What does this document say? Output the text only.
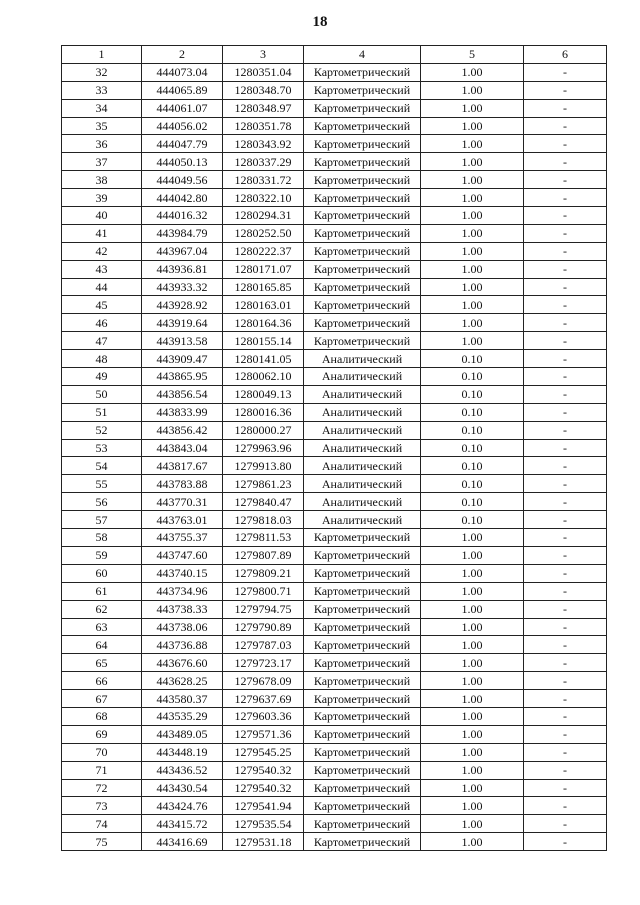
18
1	2	3	4	5	6
32	444073.04	1280351.04	Картометрический	1.00	-
33	444065.89	1280348.70	Картометрический	1.00	-
34	444061.07	1280348.97	Картометрический	1.00	-
35	444056.02	1280351.78	Картометрический	1.00	-
36	444047.79	1280343.92	Картометрический	1.00	-
37	444050.13	1280337.29	Картометрический	1.00	-
38	444049.56	1280331.72	Картометрический	1.00	-
39	444042.80	1280322.10	Картометрический	1.00	-
40	444016.32	1280294.31	Картометрический	1.00	-
41	443984.79	1280252.50	Картометрический	1.00	-
42	443967.04	1280222.37	Картометрический	1.00	-
43	443936.81	1280171.07	Картометрический	1.00	-
44	443933.32	1280165.85	Картометрический	1.00	-
45	443928.92	1280163.01	Картометрический	1.00	-
46	443919.64	1280164.36	Картометрический	1.00	-
47	443913.58	1280155.14	Картометрический	1.00	-
48	443909.47	1280141.05	Аналитический	0.10	-
49	443865.95	1280062.10	Аналитический	0.10	-
50	443856.54	1280049.13	Аналитический	0.10	-
51	443833.99	1280016.36	Аналитический	0.10	-
52	443856.42	1280000.27	Аналитический	0.10	-
53	443843.04	1279963.96	Аналитический	0.10	-
54	443817.67	1279913.80	Аналитический	0.10	-
55	443783.88	1279861.23	Аналитический	0.10	-
56	443770.31	1279840.47	Аналитический	0.10	-
57	443763.01	1279818.03	Аналитический	0.10	-
58	443755.37	1279811.53	Картометрический	1.00	-
59	443747.60	1279807.89	Картометрический	1.00	-
60	443740.15	1279809.21	Картометрический	1.00	-
61	443734.96	1279800.71	Картометрический	1.00	-
62	443738.33	1279794.75	Картометрический	1.00	-
63	443738.06	1279790.89	Картометрический	1.00	-
64	443736.88	1279787.03	Картометрический	1.00	-
65	443676.60	1279723.17	Картометрический	1.00	-
66	443628.25	1279678.09	Картометрический	1.00	-
67	443580.37	1279637.69	Картометрический	1.00	-
68	443535.29	1279603.36	Картометрический	1.00	-
69	443489.05	1279571.36	Картометрический	1.00	-
70	443448.19	1279545.25	Картометрический	1.00	-
71	443436.52	1279540.32	Картометрический	1.00	-
72	443430.54	1279540.32	Картометрический	1.00	-
73	443424.76	1279541.94	Картометрический	1.00	-
74	443415.72	1279535.54	Картометрический	1.00	-
75	443416.69	1279531.18	Картометрический	1.00	-
